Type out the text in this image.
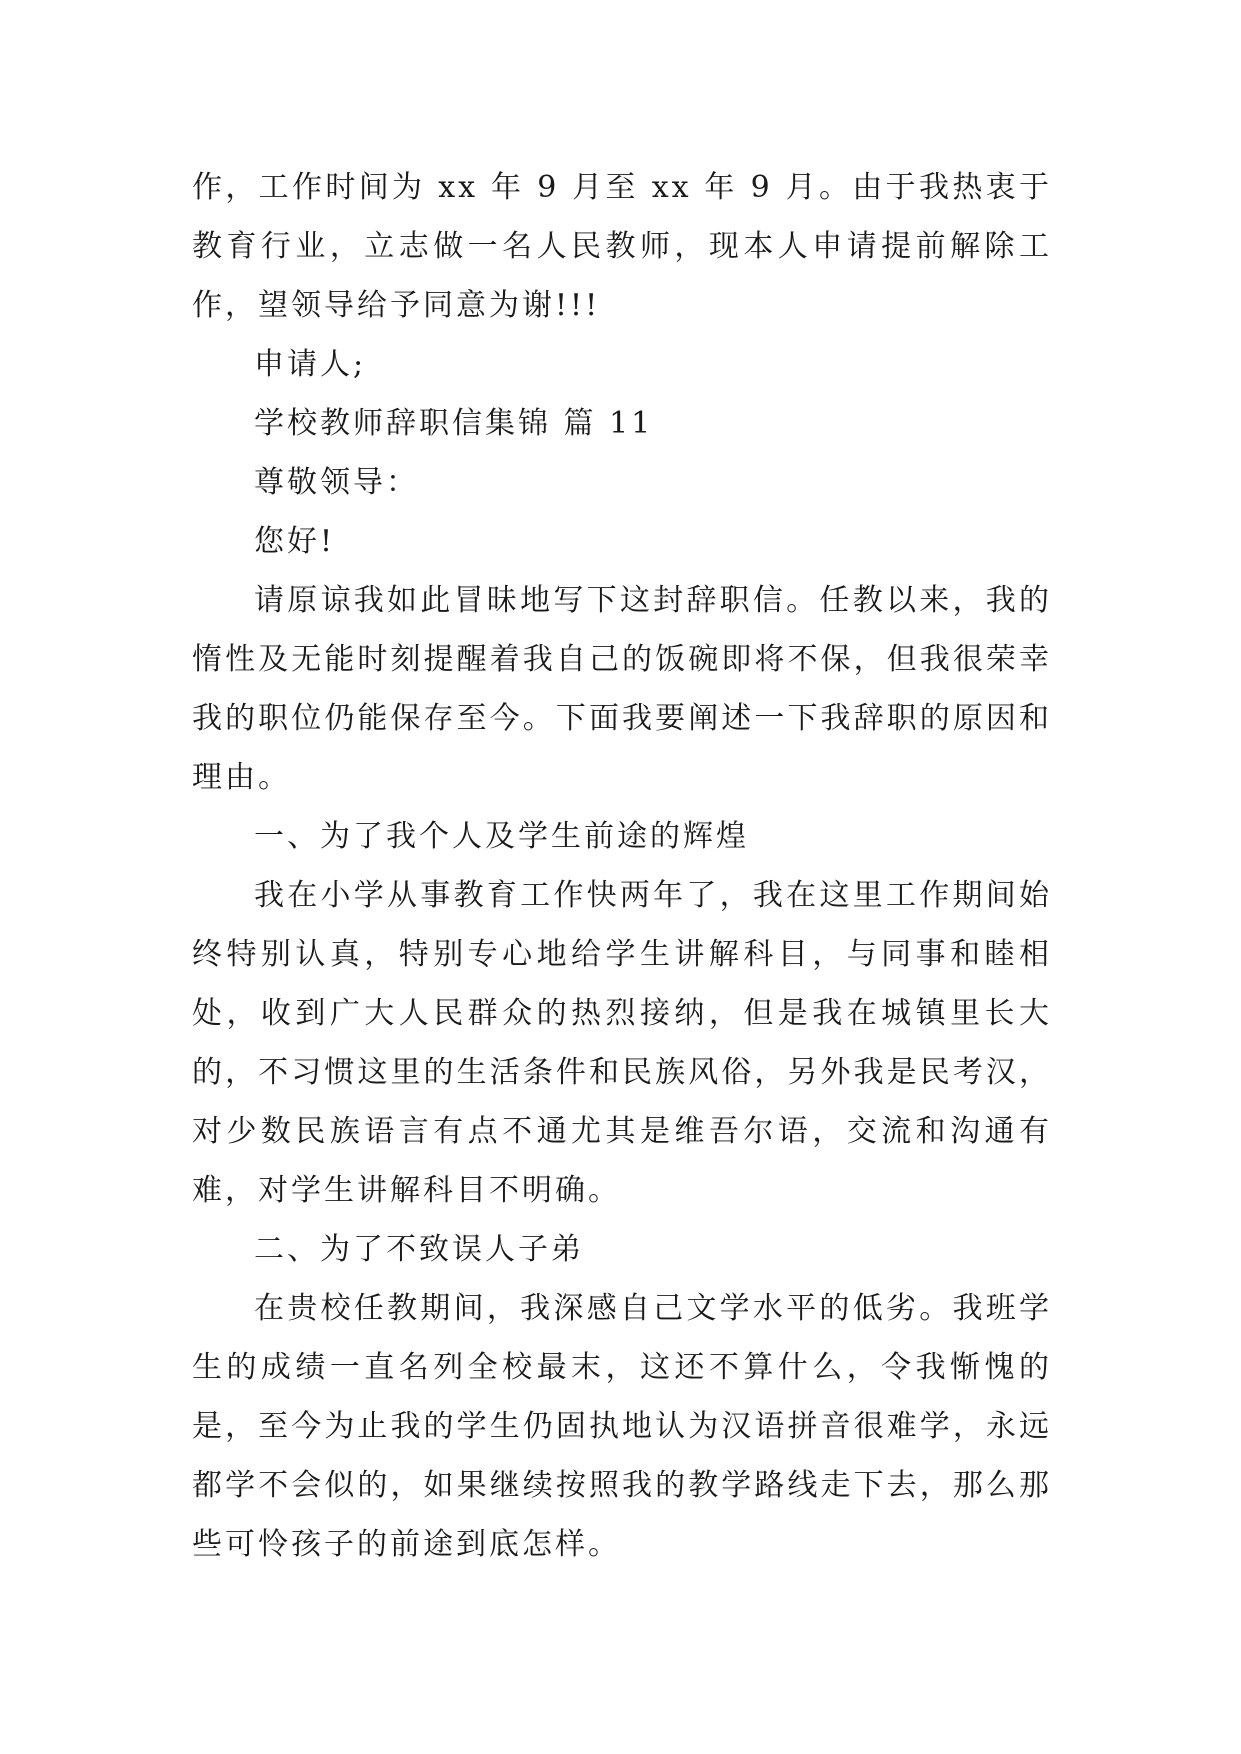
作，工作时间为 xx 年 9 月至 xx 年 9 月。由于我热衷于教育行业，立志做一名人民教师，现本人申请提前解除工作，望领导给予同意为谢!!!

申请人;

学校教师辞职信集锦 篇 11

尊敬领导：

您好!

请原谅我如此冒昧地写下这封辞职信。任教以来，我的惰性及无能时刻提醒着我自己的饭碗即将不保，但我很荣幸我的职位仍能保存至今。下面我要阐述一下我辞职的原因和理由。

一、为了我个人及学生前途的辉煌

我在小学从事教育工作快两年了，我在这里工作期间始终特别认真，特别专心地给学生讲解科目，与同事和睦相处，收到广大人民群众的热烈接纳，但是我在城镇里长大的，不习惯这里的生活条件和民族风俗，另外我是民考汉，对少数民族语言有点不通尤其是维吾尔语，交流和沟通有难，对学生讲解科目不明确。

二、为了不致误人子弟

在贵校任教期间，我深感自己文学水平的低劣。我班学生的成绩一直名列全校最末，这还不算什么，令我惭愧的是，至今为止我的学生仍固执地认为汉语拼音很难学，永远都学不会似的，如果继续按照我的教学路线走下去，那么那些可怜孩子的前途到底怎样。
